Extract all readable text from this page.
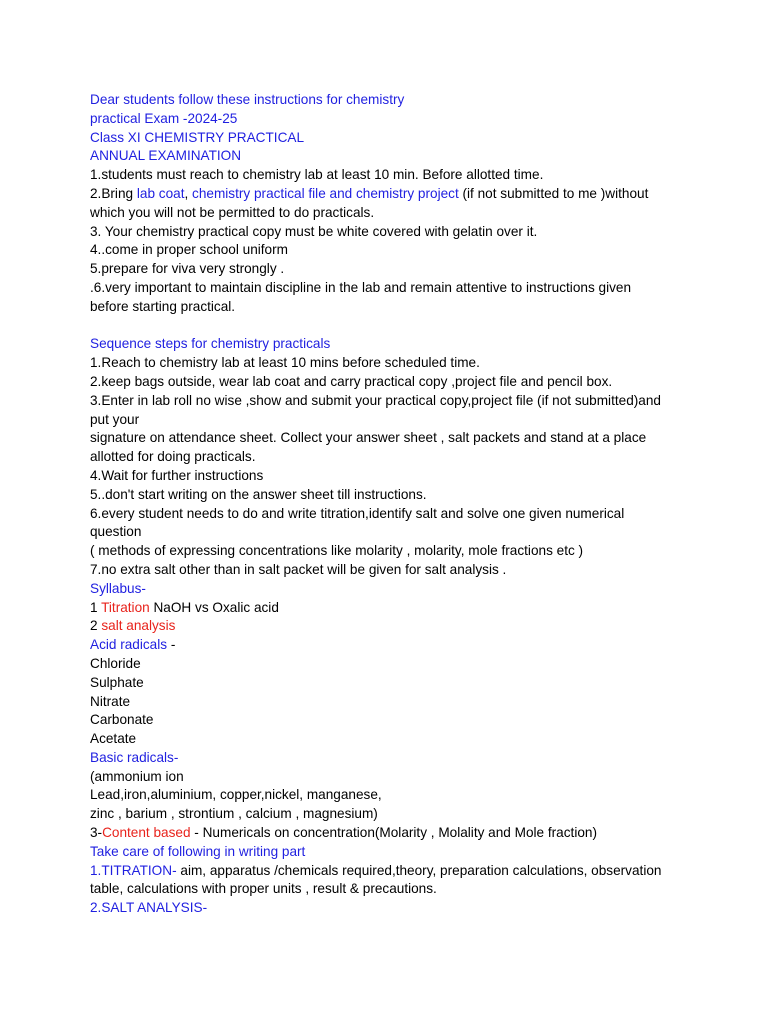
Dear students follow these instructions for chemistry
practical Exam -2024-25
Class XI CHEMISTRY PRACTICAL
ANNUAL EXAMINATION
1.students must reach to chemistry lab at least 10 min. Before allotted time.
2.Bring lab coat, chemistry practical file and chemistry project (if not submitted to me )without
which you will not be permitted to do practicals.
3. Your chemistry practical copy must be white covered with gelatin over it.
4..come in proper school uniform
5.prepare for viva very strongly .
.6.very important to maintain discipline in the lab and remain attentive to instructions given
before starting practical.
Sequence steps for chemistry practicals
1.Reach to chemistry lab at least 10 mins before scheduled time.
2.keep bags outside, wear lab coat and carry practical copy ,project file and pencil box.
3.Enter in lab roll no wise ,show and submit your practical copy,project file (if not submitted)and
put your
signature on attendance sheet. Collect your answer sheet , salt packets and stand at a place
allotted for doing practicals.
4.Wait for further instructions
5..don't start writing on the answer sheet till instructions.
6.every student needs to do and write titration,identify salt and solve one given numerical
question
( methods of expressing concentrations like molarity , molarity, mole fractions etc )
7.no extra salt other than in salt packet will be given for salt analysis .
Syllabus-
1 Titration NaOH vs Oxalic acid
2 salt analysis
Acid radicals -
Chloride
Sulphate
Nitrate
Carbonate
Acetate
Basic radicals-
(ammonium ion
Lead,iron,aluminium, copper,nickel, manganese,
zinc , barium , strontium , calcium , magnesium)
3-Content based - Numericals on concentration(Molarity , Molality and Mole fraction)
Take care of following in writing part
1.TITRATION- aim, apparatus /chemicals required,theory, preparation calculations, observation
table, calculations with proper units , result & precautions.
2.SALT ANALYSIS-
